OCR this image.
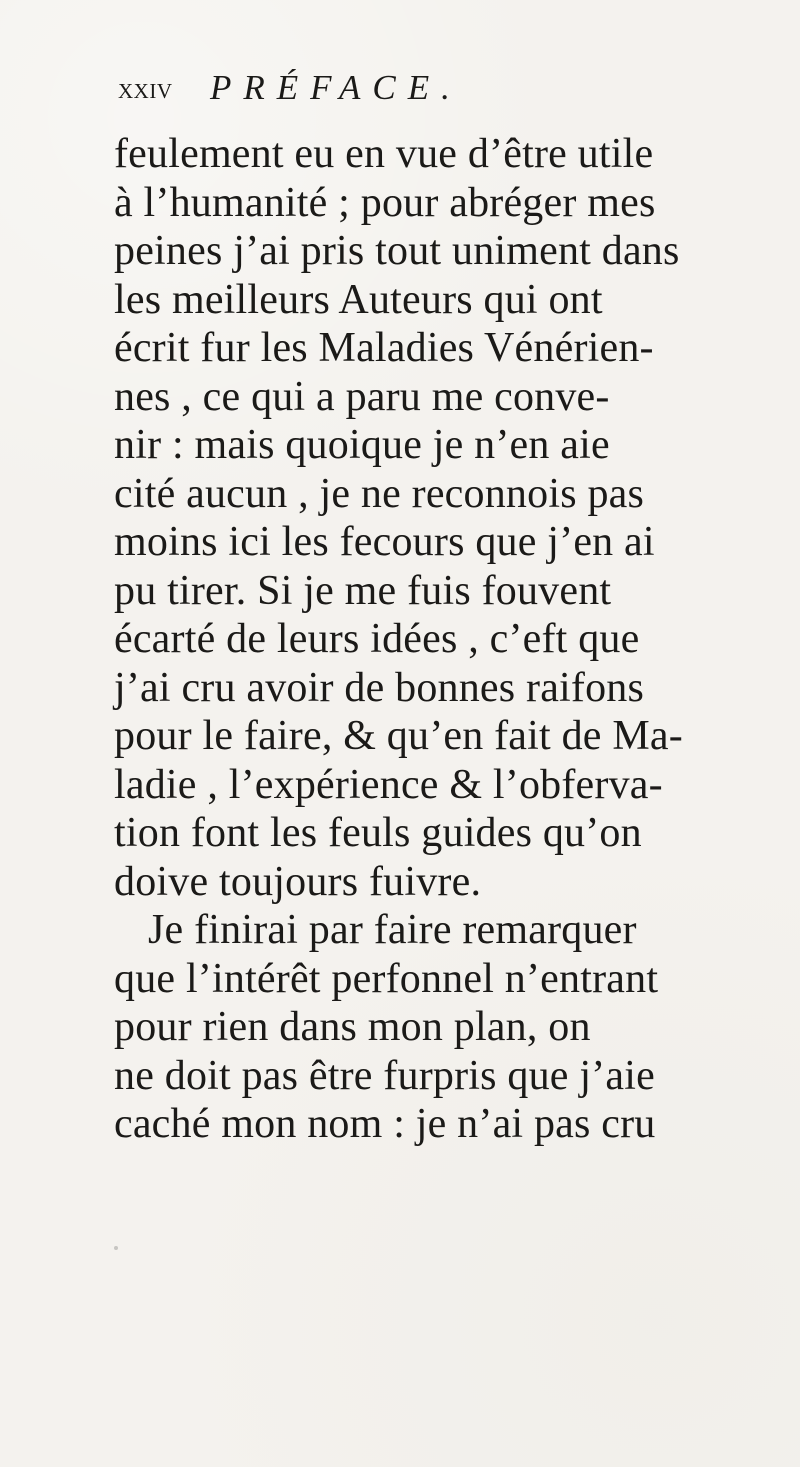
xxiv PRÉFACE.
feulement eu en vue d’être utile
à l’humanité ; pour abréger mes
peines j’ai pris tout uniment dans
les meilleurs Auteurs qui ont
écrit fur les Maladies Vénérien-
nes , ce qui a paru me conve-
nir : mais quoique je n’en aie
cité aucun , je ne reconnois pas
moins ici les fecours que j’en ai
pu tirer. Si je me fuis fouvent
écarté de leurs idées , c’eft que
j’ai cru avoir de bonnes raifons
pour le faire, & qu’en fait de Ma-
ladie , l’expérience & l’obferva-
tion font les feuls guides qu’on
doive toujours fuivre.
Je finirai par faire remarquer
que l’intérêt perfonnel n’entrant
pour rien dans mon plan, on
ne doit pas être furpris que j’aie
caché mon nom : je n’ai pas cru
